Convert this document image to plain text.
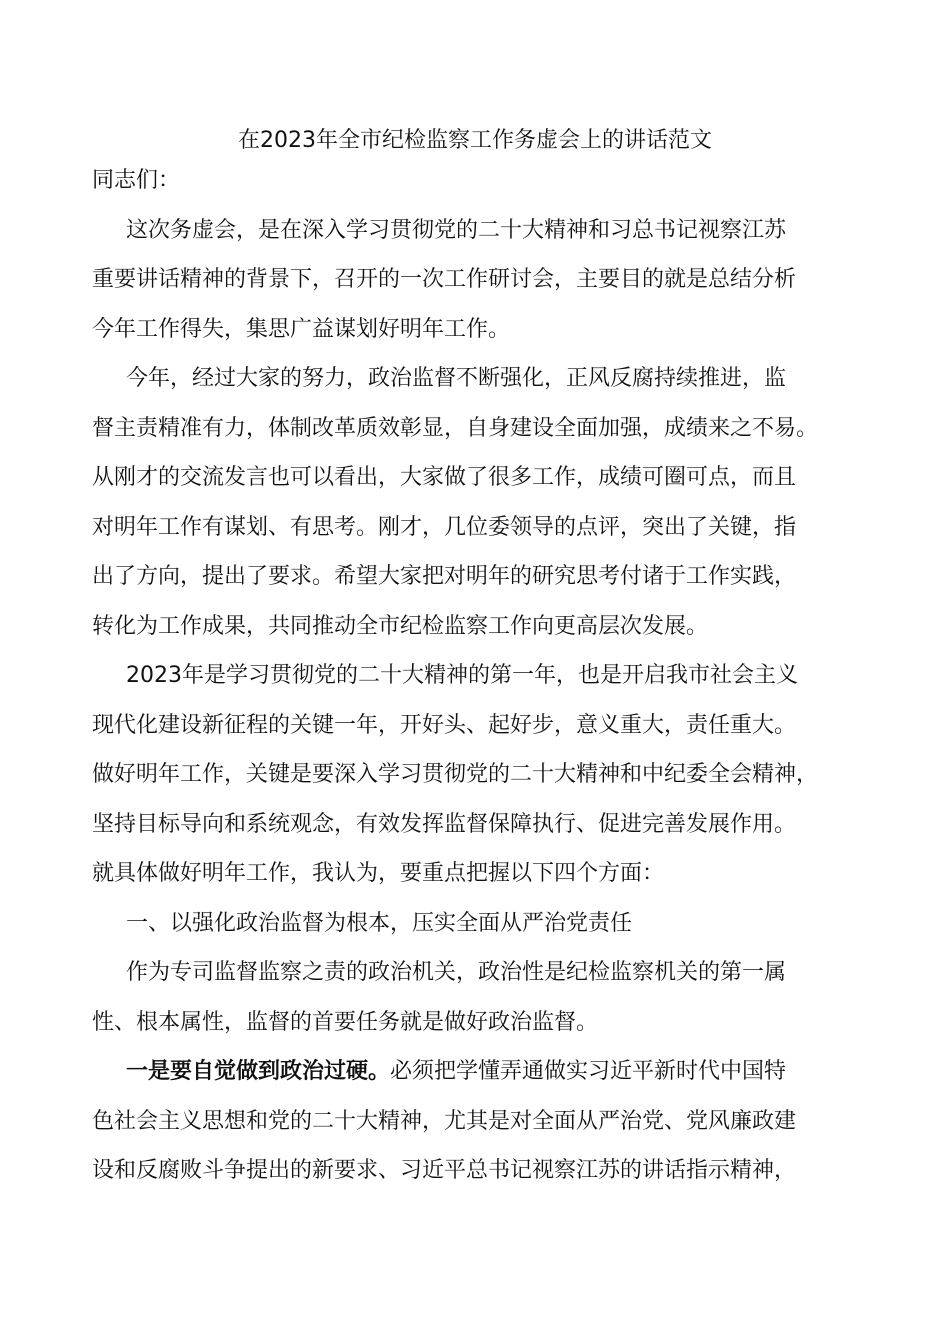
在2023年全市纪检监察工作务虚会上的讲话范文

同志们：

这次务虚会，是在深入学习贯彻党的二十大精神和习总书记视察江苏

重要讲话精神的背景下，召开的一次工作研讨会，主要目的就是总结分析

今年工作得失，集思广益谋划好明年工作。

今年，经过大家的努力，政治监督不断强化，正风反腐持续推进，监

督主责精准有力，体制改革质效彰显，自身建设全面加强，成绩来之不易。

从刚才的交流发言也可以看出，大家做了很多工作，成绩可圈可点，而且

对明年工作有谋划、有思考。刚才，几位委领导的点评，突出了关键，指

出了方向，提出了要求。希望大家把对明年的研究思考付诸于工作实践，

转化为工作成果，共同推动全市纪检监察工作向更高层次发展。

2023年是学习贯彻党的二十大精神的第一年，也是开启我市社会主义

现代化建设新征程的关键一年，开好头、起好步，意义重大，责任重大。

做好明年工作，关键是要深入学习贯彻党的二十大精神和中纪委全会精神，

坚持目标导向和系统观念，有效发挥监督保障执行、促进完善发展作用。

就具体做好明年工作，我认为，要重点把握以下四个方面：

一、以强化政治监督为根本，压实全面从严治党责任

作为专司监督监察之责的政治机关，政治性是纪检监察机关的第一属

性、根本属性，监督的首要任务就是做好政治监督。

一是要自觉做到政治过硬。必须把学懂弄通做实习近平新时代中国特

色社会主义思想和党的二十大精神，尤其是对全面从严治党、党风廉政建

设和反腐败斗争提出的新要求、习近平总书记视察江苏的讲话指示精神，
